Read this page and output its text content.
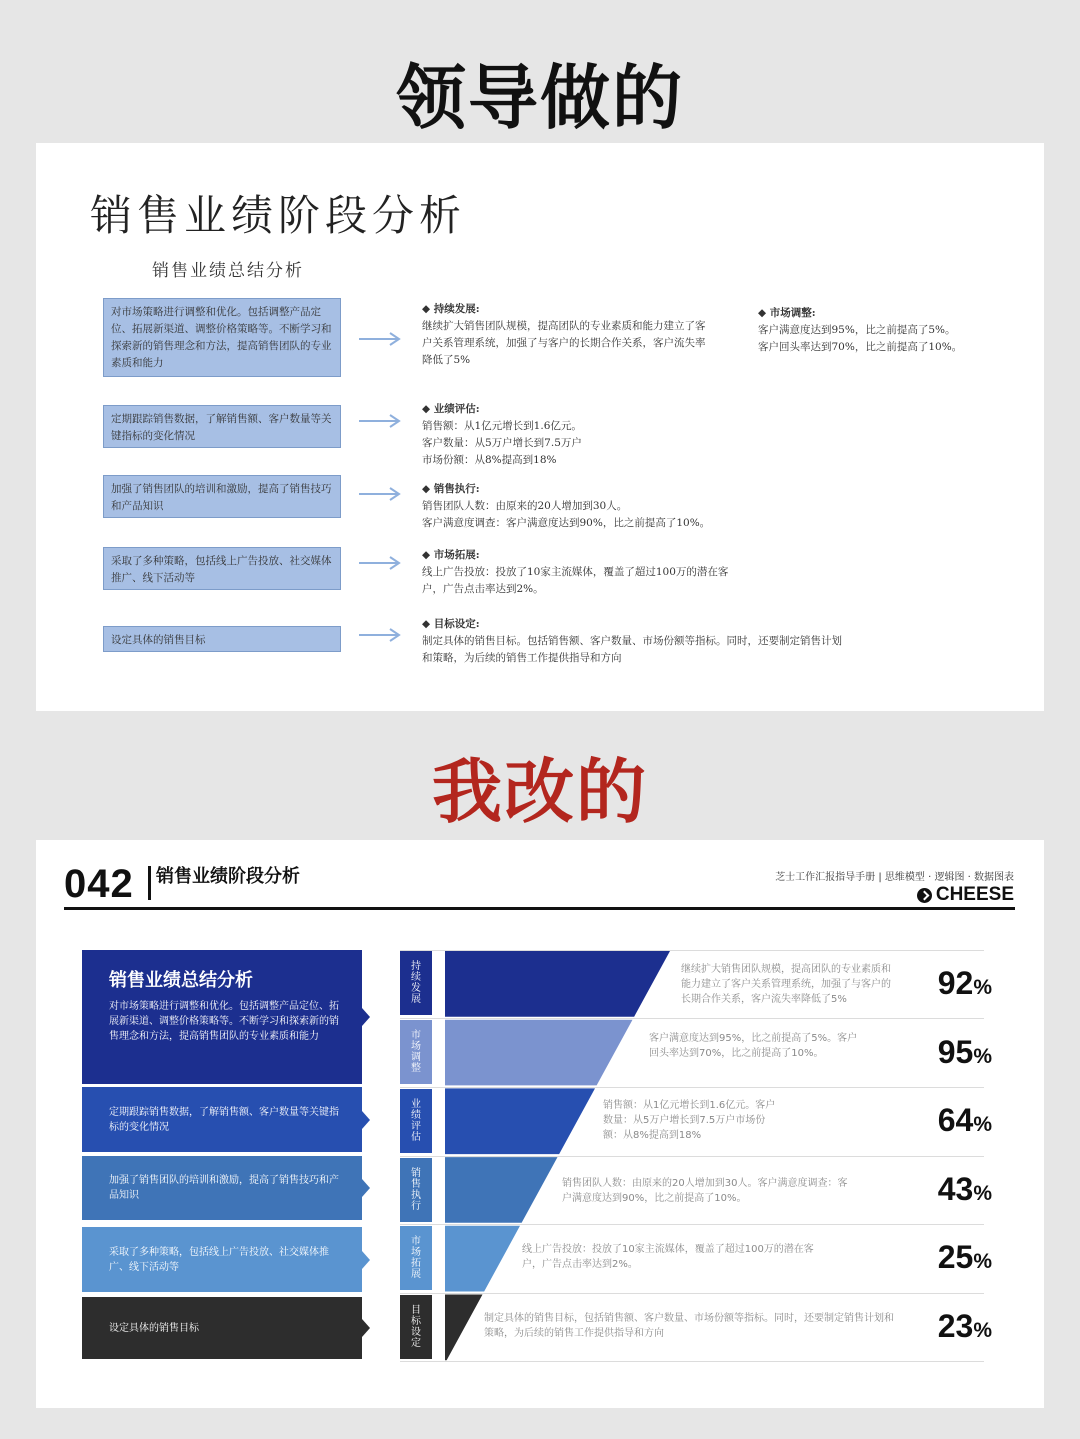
领导做的
销售业绩阶段分析
销售业绩总结分析
对市场策略进行调整和优化。包括调整产品定位、拓展新渠道、调整价格策略等。不断学习和探索新的销售理念和方法，提高销售团队的专业素质和能力
定期跟踪销售数据，了解销售额、客户数量等关键指标的变化情况
加强了销售团队的培训和激励，提高了销售技巧和产品知识
采取了多种策略，包括线上广告投放、社交媒体推广、线下活动等
设定具体的销售目标
◆ 持续发展:
继续扩大销售团队规模，提高团队的专业素质和能力建立了客户关系管理系统，加强了与客户的长期合作关系，客户流失率降低了5%
◆ 业绩评估:
销售额：从1亿元增长到1.6亿元。
客户数量：从5万户增长到7.5万户
市场份额：从8%提高到18%
◆ 销售执行:
销售团队人数：由原来的20人增加到30人。
客户满意度调查：客户满意度达到90%，比之前提高了10%。
◆ 市场拓展:
线上广告投放：投放了10家主流媒体，覆盖了超过100万的潜在客户，广告点击率达到2%。
◆ 目标设定:
制定具体的销售目标。包括销售额、客户数量、市场份额等指标。同时，还要制定销售计划和策略，为后续的销售工作提供指导和方向
◆ 市场调整:
客户满意度达到95%，比之前提高了5%。
客户回头率达到70%，比之前提高了10%。
我改的
042 销售业绩阶段分析	芝士工作汇报指导手册 | 思维模型 · 逻辑图 · 数据图表
CHEESE
销售业绩总结分析
对市场策略进行调整和优化。包括调整产品定位、拓展新渠道、调整价格策略等。不断学习和探索新的销售理念和方法，提高销售团队的专业素质和能力
定期跟踪销售数据，了解销售额、客户数量等关键指标的变化情况
加强了销售团队的培训和激励，提高了销售技巧和产品知识
采取了多种策略，包括线上广告投放、社交媒体推广、线下活动等
设定具体的销售目标
持续发展
市场调整
业绩评估
销售执行
市场拓展
目标设定
继续扩大销售团队规模，提高团队的专业素质和能力建立了客户关系管理系统，加强了与客户的长期合作关系，客户流失率降低了5%
客户满意度达到95%，比之前提高了5%。客户回头率达到70%，比之前提高了10%。
销售额：从1亿元增长到1.6亿元。客户数量：从5万户增长到7.5万户市场份额：从8%提高到18%
销售团队人数：由原来的20人增加到30人。客户满意度调查：客户满意度达到90%，比之前提高了10%。
线上广告投放：投放了10家主流媒体，覆盖了超过100万的潜在客户，广告点击率达到2%。
制定具体的销售目标，包括销售额、客户数量、市场份额等指标。同时，还要制定销售计划和策略，为后续的销售工作提供指导和方向
92%
95%
64%
43%
25%
23%
